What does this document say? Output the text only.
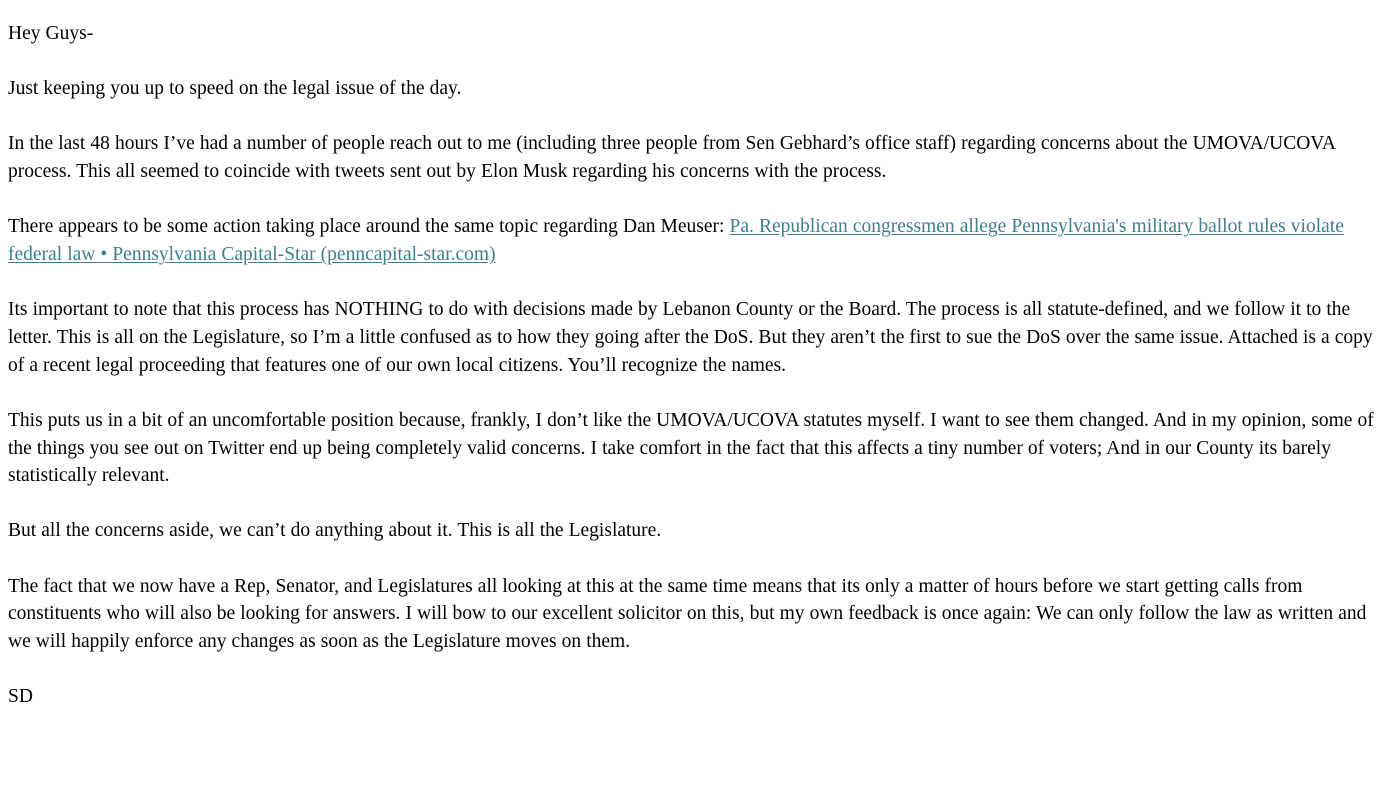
Hey Guys-

Just keeping you up to speed on the legal issue of the day.

In the last 48 hours I’ve had a number of people reach out to me (including three people from Sen Gebhard’s office staff) regarding concerns about the UMOVA/UCOVA process. This all seemed to coincide with tweets sent out by Elon Musk regarding his concerns with the process.

There appears to be some action taking place around the same topic regarding Dan Meuser: Pa. Republican congressmen allege Pennsylvania's military ballot rules violate federal law • Pennsylvania Capital-Star (penncapital-star.com)

Its important to note that this process has NOTHING to do with decisions made by Lebanon County or the Board. The process is all statute-defined, and we follow it to the letter. This is all on the Legislature, so I’m a little confused as to how they going after the DoS. But they aren’t the first to sue the DoS over the same issue. Attached is a copy of a recent legal proceeding that features one of our own local citizens. You’ll recognize the names.

This puts us in a bit of an uncomfortable position because, frankly, I don’t like the UMOVA/UCOVA statutes myself. I want to see them changed. And in my opinion, some of the things you see out on Twitter end up being completely valid concerns. I take comfort in the fact that this affects a tiny number of voters; And in our County its barely statistically relevant.

But all the concerns aside, we can’t do anything about it. This is all the Legislature.

The fact that we now have a Rep, Senator, and Legislatures all looking at this at the same time means that its only a matter of hours before we start getting calls from constituents who will also be looking for answers. I will bow to our excellent solicitor on this, but my own feedback is once again: We can only follow the law as written and we will happily enforce any changes as soon as the Legislature moves on them.

SD
